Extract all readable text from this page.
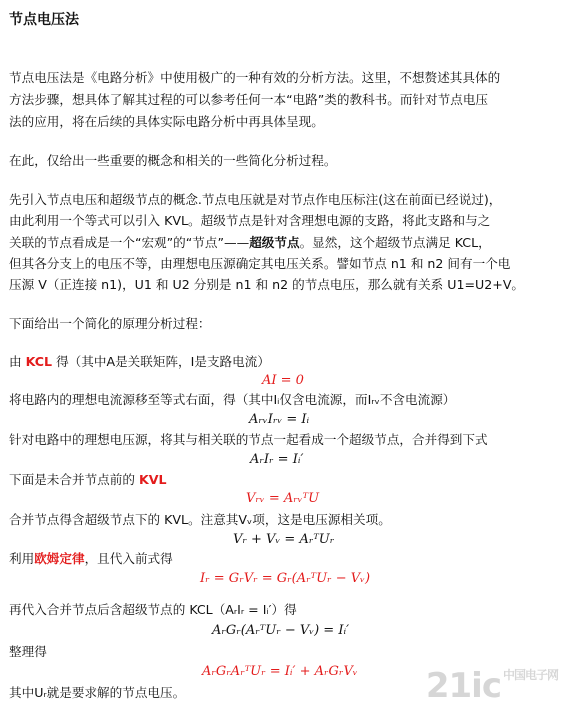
节点电压法
节点电压法是《电路分析》中使用极广的一种有效的分析方法。这里，不想赘述其具体的
方法步骤，想具体了解其过程的可以参考任何一本“电路”类的教科书。而针对节点电压
法的应用，将在后续的具体实际电路分析中再具体呈现。
在此，仅给出一些重要的概念和相关的一些简化分析过程。
先引入节点电压和超级节点的概念.节点电压就是对节点作电压标注(这在前面已经说过)，
由此利用一个等式可以引入 KVL。超级节点是针对含理想电源的支路，将此支路和与之
关联的节点看成是一个“宏观”的“节点”——超级节点。显然，这个超级节点满足 KCL，
但其各分支上的电压不等，由理想电压源确定其电压关系。譬如节点 n1 和 n2 间有一个电
压源 V（正连接 n1)，U1 和 U2 分别是 n1 和 n2 的节点电压，那么就有关系 U1=U2+V。
下面给出一个简化的原理分析过程：
由 KCL 得（其中A是关联矩阵，I是支路电流）
AI = 0
将电路内的理想电流源移至等式右面，得（其中Iᵢ仅含电流源，而Iᵣᵥ不含电流源）
AᵣᵥIᵣᵥ = Iᵢ
针对电路中的理想电压源，将其与相关联的节点一起看成一个超级节点，合并得到下式
AᵣIᵣ = Iᵢ′
下面是未合并节点前的 KVL
Vᵣᵥ = AᵣᵥᵀU
合并节点得含超级节点下的 KVL。注意其Vᵥ项，这是电压源相关项。
Vᵣ + Vᵥ = AᵣᵀUᵣ
利用欧姆定律，且代入前式得
Iᵣ = GᵣVᵣ = Gᵣ(AᵣᵀUᵣ − Vᵥ)
再代入合并节点后含超级节点的 KCL（AᵣIᵣ = Iᵢ′）得
AᵣGᵣ(AᵣᵀUᵣ − Vᵥ) = Iᵢ′
整理得
AᵣGᵣAᵣᵀUᵣ = Iᵢ′ + AᵣGᵣVᵥ
其中Uᵣ就是要求解的节点电压。	21ic $^{中国电子网}$
